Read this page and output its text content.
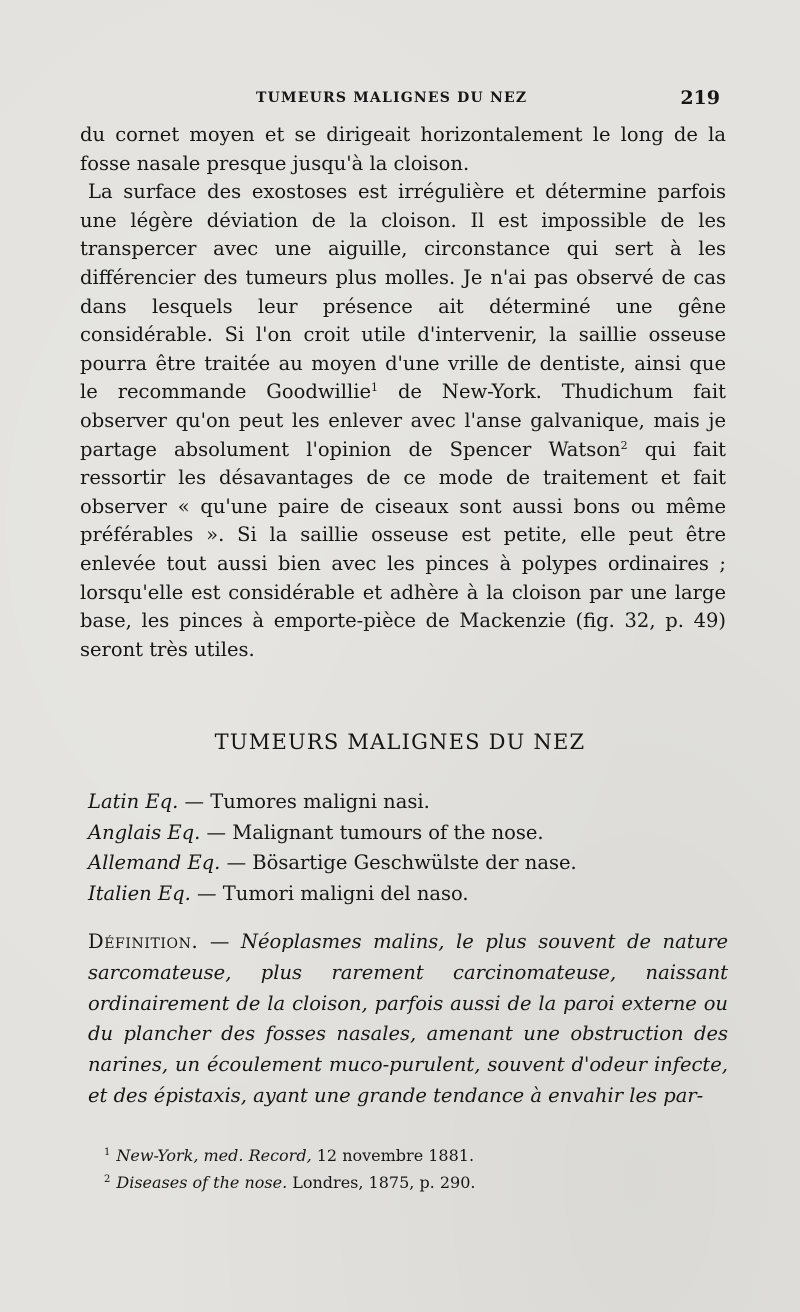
TUMEURS MALIGNES DU NEZ	219

du cornet moyen et se dirigeait horizontalement le long de la fosse nasale presque jusqu'à la cloison.

La surface des exostoses est irrégulière et détermine parfois une légère déviation de la cloison. Il est impossible de les transpercer avec une aiguille, circonstance qui sert à les différencier des tumeurs plus molles. Je n'ai pas observé de cas dans lesquels leur présence ait déterminé une gêne considérable. Si l'on croit utile d'intervenir, la saillie osseuse pourra être traitée au moyen d'une vrille de dentiste, ainsi que le recommande Goodwillie$^1$ de New-York. Thudichum fait observer qu'on peut les enlever avec l'anse galvanique, mais je partage absolument l'opinion de Spencer Watson$^2$ qui fait ressortir les désavantages de ce mode de traitement et fait observer « qu'une paire de ciseaux sont aussi bons ou même préférables ». Si la saillie osseuse est petite, elle peut être enlevée tout aussi bien avec les pinces à polypes ordinaires ; lorsqu'elle est considérable et adhère à la cloison par une large base, les pinces à emporte-pièce de Mackenzie (fig. 32, p. 49) seront très utiles.

TUMEURS MALIGNES DU NEZ
Latin Eq. — Tumores maligni nasi.
Anglais Eq. — Malignant tumours of the nose.
Allemand Eq. — Bösartige Geschwülste der nase.
Italien Eq. — Tumori maligni del naso.
Définition. — Néoplasmes malins, le plus souvent de nature sarcomateuse, plus rarement carcinomateuse, naissant ordinairement de la cloison, parfois aussi de la paroi externe ou du plancher des fosses nasales, amenant une obstruction des narines, un écoulement muco-purulent, souvent d'odeur infecte, et des épistaxis, ayant une grande tendance à envahir les par-
$^1$ New-York, med. Record, 12 novembre 1881.
$^2$ Diseases of the nose. Londres, 1875, p. 290.
